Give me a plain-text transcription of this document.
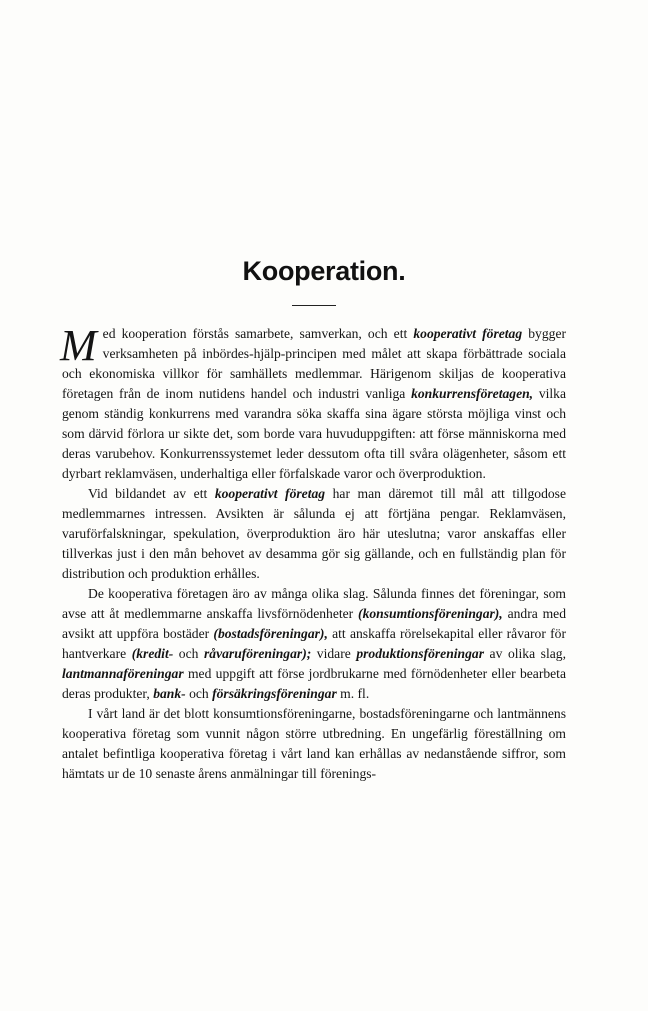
Kooperation.

Med kooperation förstås samarbete, samverkan, och ett kooperativt företag bygger verksamheten på inbördes-hjälp-principen med målet att skapa förbättrade sociala och ekonomiska villkor för samhällets medlemmar. Härigenom skiljas de kooperativa företagen från de inom nutidens handel och industri vanliga konkurrensföretagen, vilka genom ständig konkurrens med varandra söka skaffa sina ägare största möjliga vinst och som därvid förlora ur sikte det, som borde vara huvuduppgiften: att förse människorna med deras varubehov. Konkurrenssystemet leder dessutom ofta till svåra olägenheter, såsom ett dyrbart reklamväsen, underhaltiga eller förfalskade varor och överproduktion.

Vid bildandet av ett kooperativt företag har man däremot till mål att tillgodose medlemmarnes intressen. Avsikten är sålunda ej att förtjäna pengar. Reklamväsen, varuförfalskningar, spekulation, överproduktion äro här uteslutna; varor anskaffas eller tillverkas just i den mån behovet av desamma gör sig gällande, och en fullständig plan för distribution och produktion erhålles.

De kooperativa företagen äro av många olika slag. Sålunda finnes det föreningar, som avse att åt medlemmarne anskaffa livsförnödenheter (konsumtionsföreningar), andra med avsikt att uppföra bostäder (bostadsföreningar), att anskaffa rörelsekapital eller råvaror för hantverkare (kredit- och råvaruföreningar); vidare produktionsföreningar av olika slag, lantmannaföreningar med uppgift att förse jordbrukarne med förnödenheter eller bearbeta deras produkter, bank- och försäkringsföreningar m. fl.

I vårt land är det blott konsumtionsföreningarne, bostadsföreningarne och lantmännens kooperativa företag som vunnit någon större utbredning. En ungefärlig föreställning om antalet befintliga kooperativa företag i vårt land kan erhållas av nedanstående siffror, som hämtats ur de 10 senaste årens anmälningar till förenings-
